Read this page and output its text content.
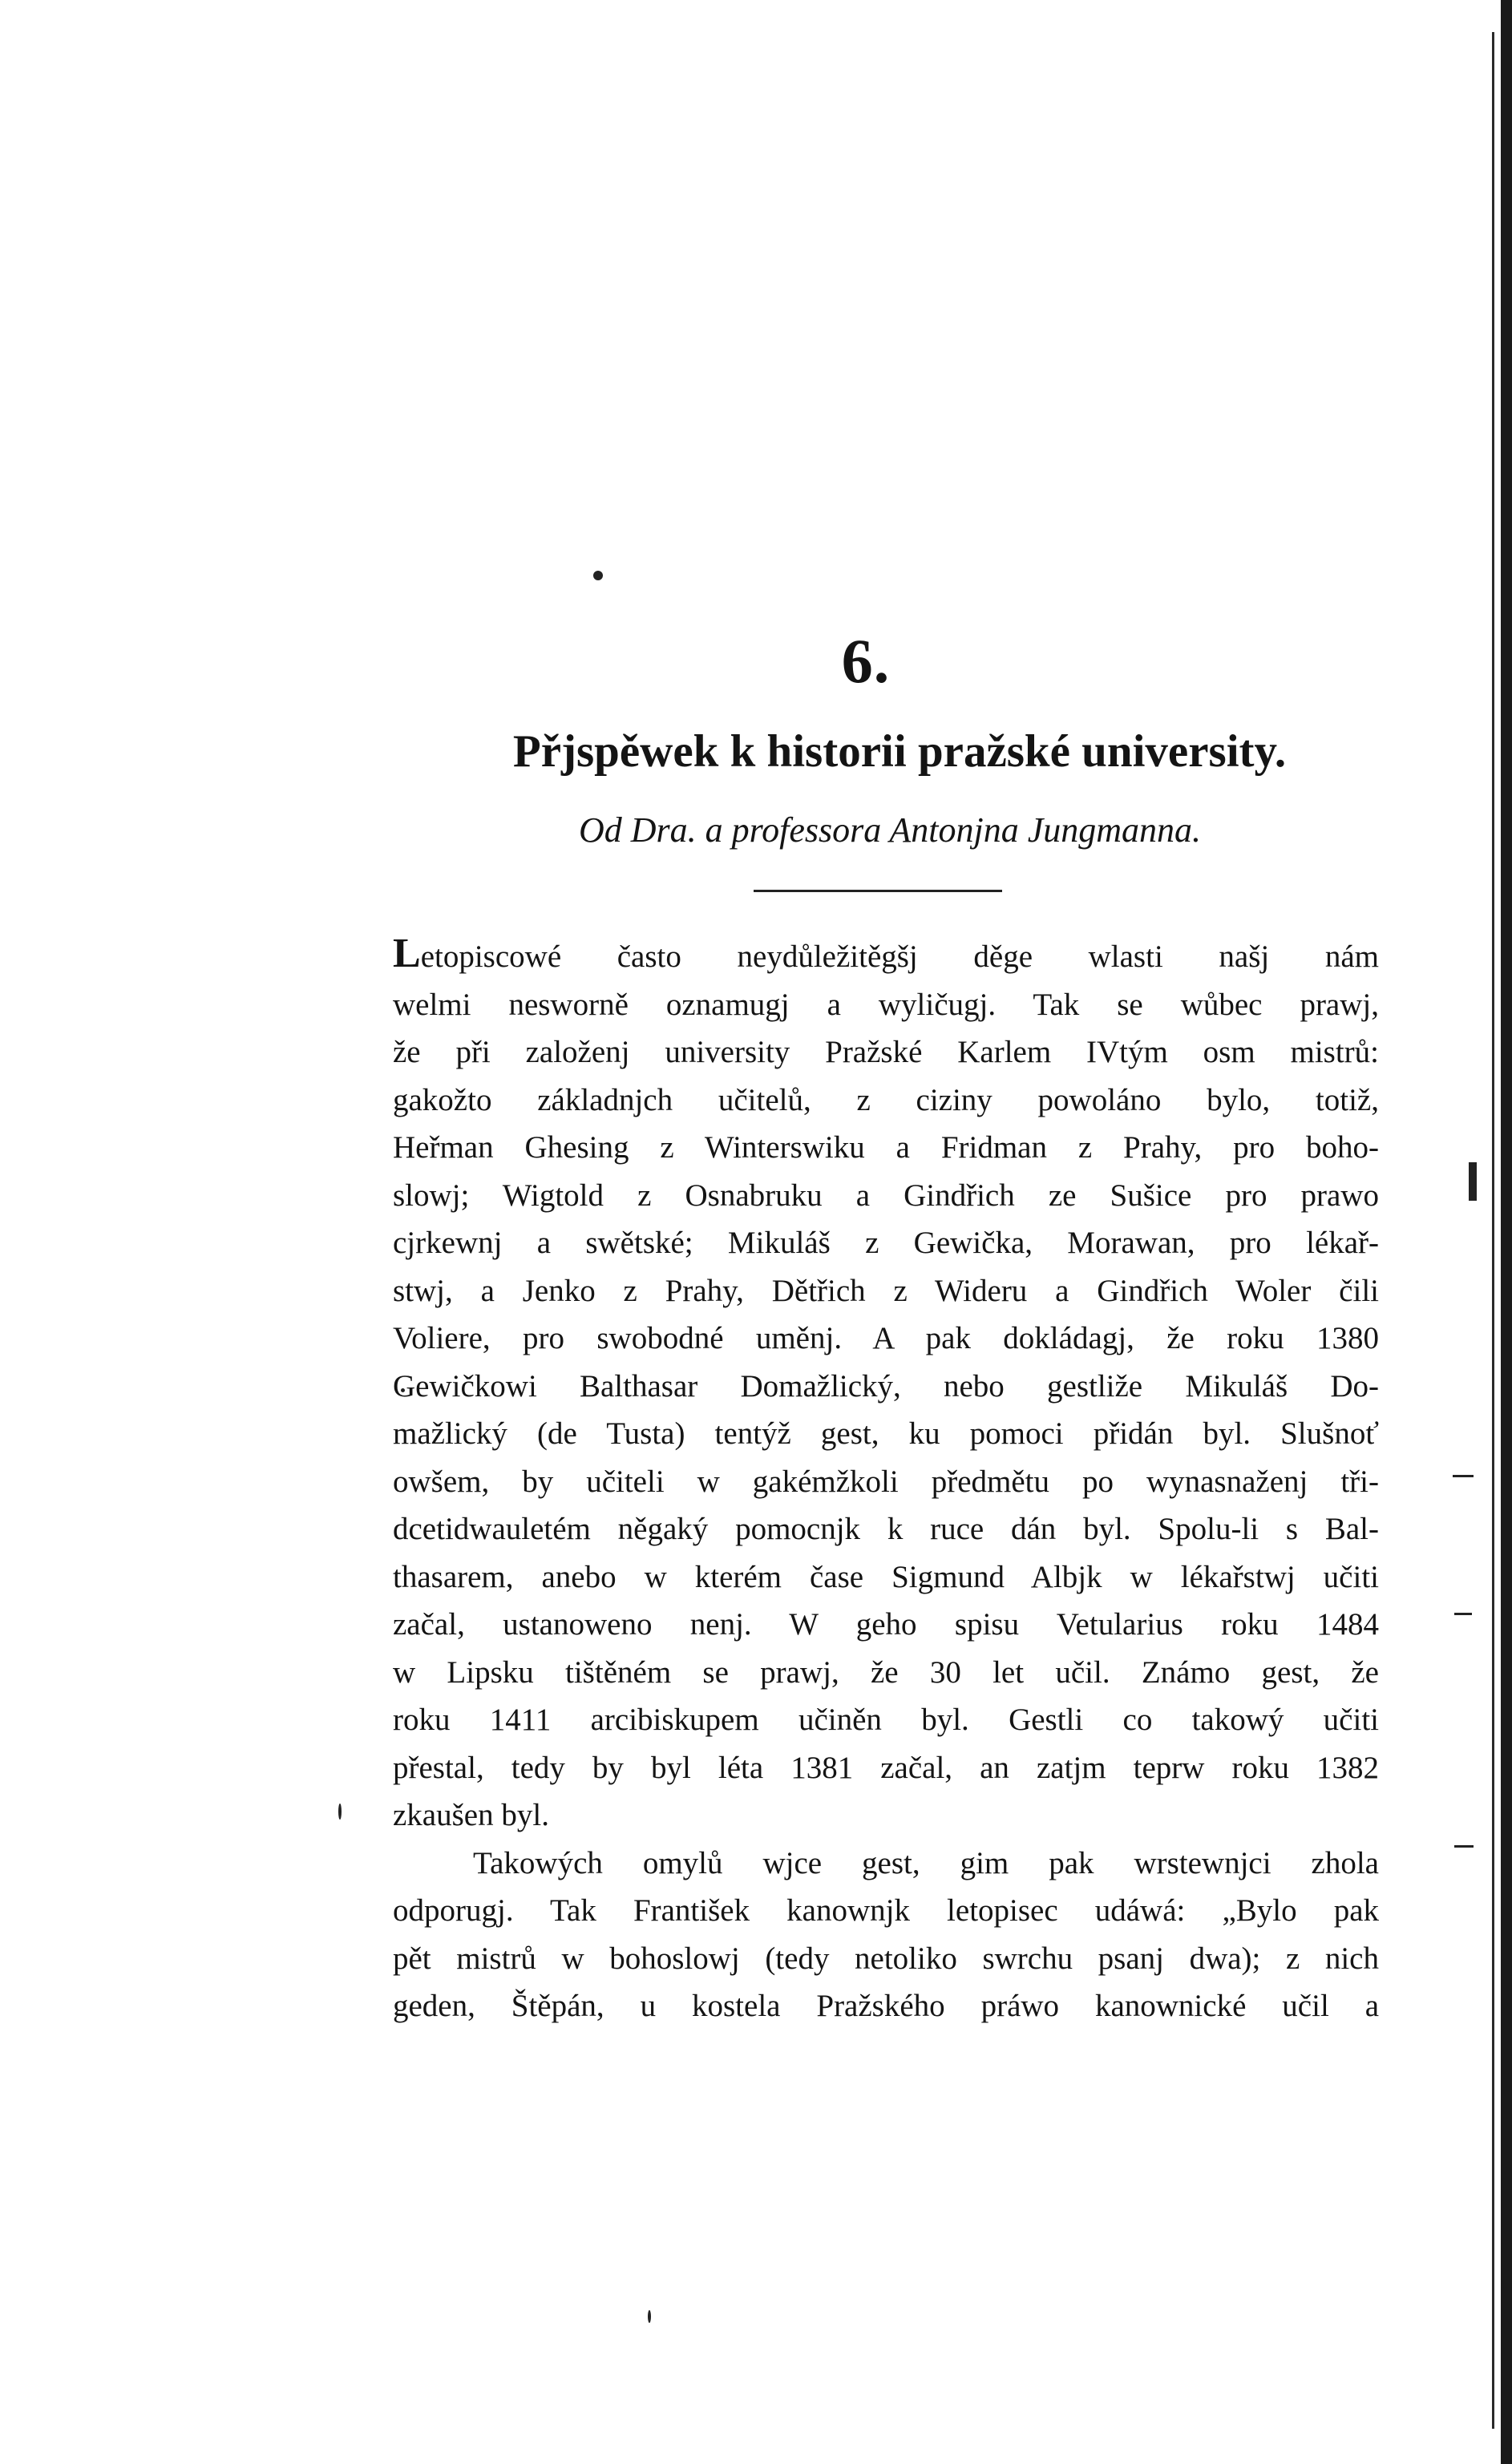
6.
Přjspěwek k historii pražské university.
Od Dra. a professora Antonjna Jungmanna.
Letopiscowé často neydůležitěgšj děge wlasti našj nám
welmi nesworně oznamugj a wyličugj. Tak se wůbec prawj,
že při založenj university Pražské Karlem IVtým osm mistrů:
gakožto základnjch učitelů, z ciziny powoláno bylo, totiž,
Heřman Ghesing z Winterswiku a Fridman z Prahy, pro boho-
slowj; Wigtold z Osnabruku a Gindřich ze Sušice pro prawo
cjrkewnj a swětské; Mikuláš z Gewička, Morawan, pro lékař-
stwj, a Jenko z Prahy, Dětřich z Wideru a Gindřich Woler čili
Voliere, pro swobodné uměnj. A pak dokládagj, že roku 1380
Gewičkowi Balthasar Domažlický, nebo gestliže Mikuláš Do-
mažlický (de Tusta) tentýž gest, ku pomoci přidán byl. Slušnoť
owšem, by učiteli w gakémžkoli předmětu po wynasnaženj tři-
dcetidwauletém něgaký pomocnjk k ruce dán byl. Spolu-li s Bal-
thasarem, anebo w kterém čase Sigmund Albjk w lékařstwj učiti
začal, ustanoweno nenj. W geho spisu Vetularius roku 1484
w Lipsku tištěném se prawj, že 30 let učil. Známo gest, že
roku 1411 arcibiskupem učiněn byl. Gestli co takowý učiti
přestal, tedy by byl léta 1381 začal, an zatjm teprw roku 1382
zkaušen byl.
Takowých omylů wjce gest, gim pak wrstewnjci zhola
odporugj. Tak František kanownjk letopisec udáwá: „Bylo pak
pět mistrů w bohoslowj (tedy netoliko swrchu psanj dwa); z nich
geden, Štěpán, u kostela Pražského práwo kanownické učil a
